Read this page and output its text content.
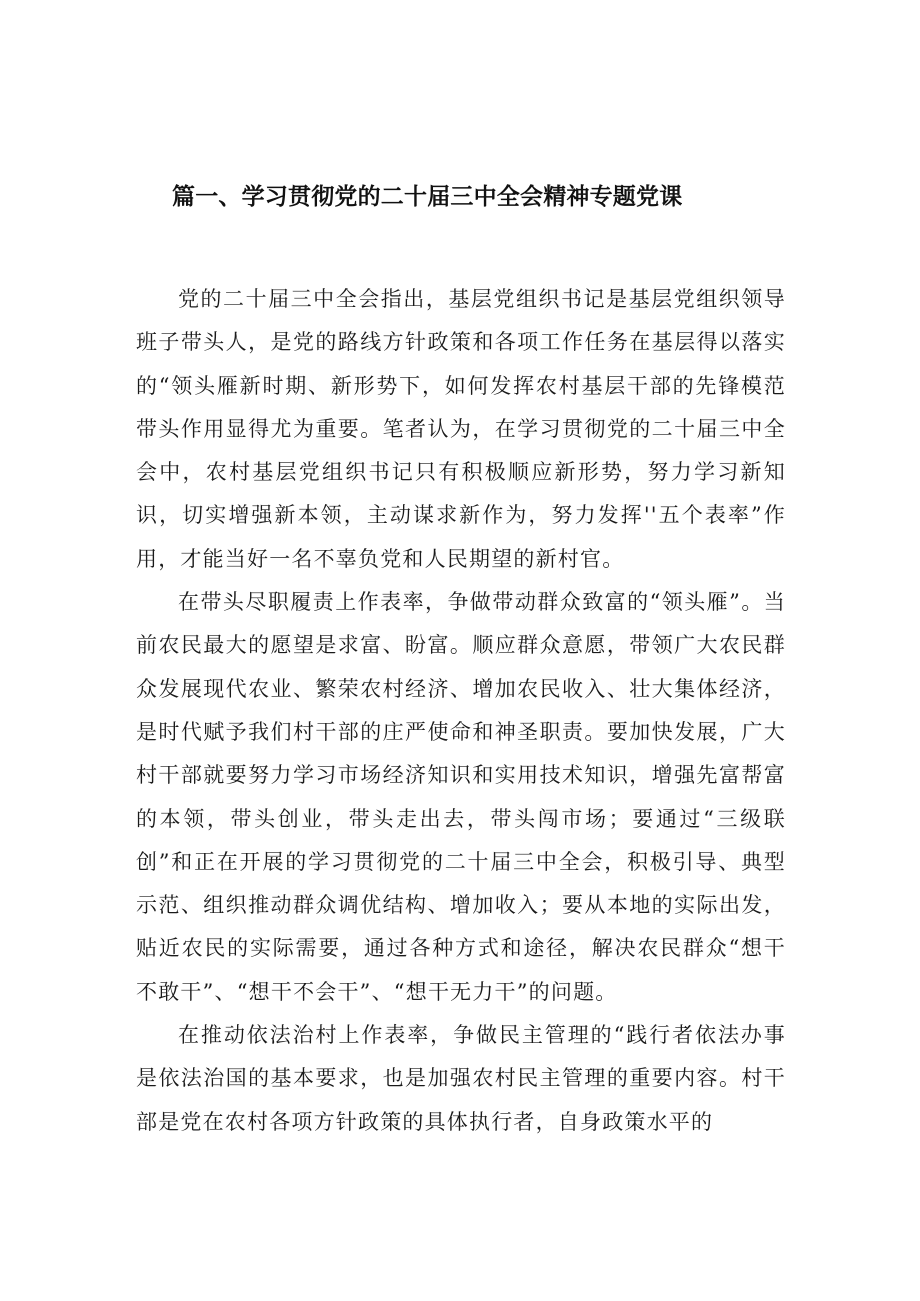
篇一、学习贯彻党的二十届三中全会精神专题党课

党的二十届三中全会指出，基层党组织书记是基层党组织领导班子带头人，是党的路线方针政策和各项工作任务在基层得以落实的“领头雁新时期、新形势下，如何发挥农村基层干部的先锋模范带头作用显得尤为重要。笔者认为，在学习贯彻党的二十届三中全会中，农村基层党组织书记只有积极顺应新形势，努力学习新知识，切实增强新本领，主动谋求新作为，努力发挥''五个表率”作用，才能当好一名不辜负党和人民期望的新村官。

在带头尽职履责上作表率，争做带动群众致富的“领头雁”。当前农民最大的愿望是求富、盼富。顺应群众意愿，带领广大农民群众发展现代农业、繁荣农村经济、增加农民收入、壮大集体经济，是时代赋予我们村干部的庄严使命和神圣职责。要加快发展，广大村干部就要努力学习市场经济知识和实用技术知识，增强先富帮富的本领，带头创业，带头走出去，带头闯市场；要通过“三级联创”和正在开展的学习贯彻党的二十届三中全会，积极引导、典型示范、组织推动群众调优结构、增加收入；要从本地的实际出发，贴近农民的实际需要，通过各种方式和途径，解决农民群众“想干不敢干”、“想干不会干”、“想干无力干”的问题。

在推动依法治村上作表率，争做民主管理的“践行者依法办事是依法治国的基本要求，也是加强农村民主管理的重要内容。村干部是党在农村各项方针政策的具体执行者，自身政策水平的
